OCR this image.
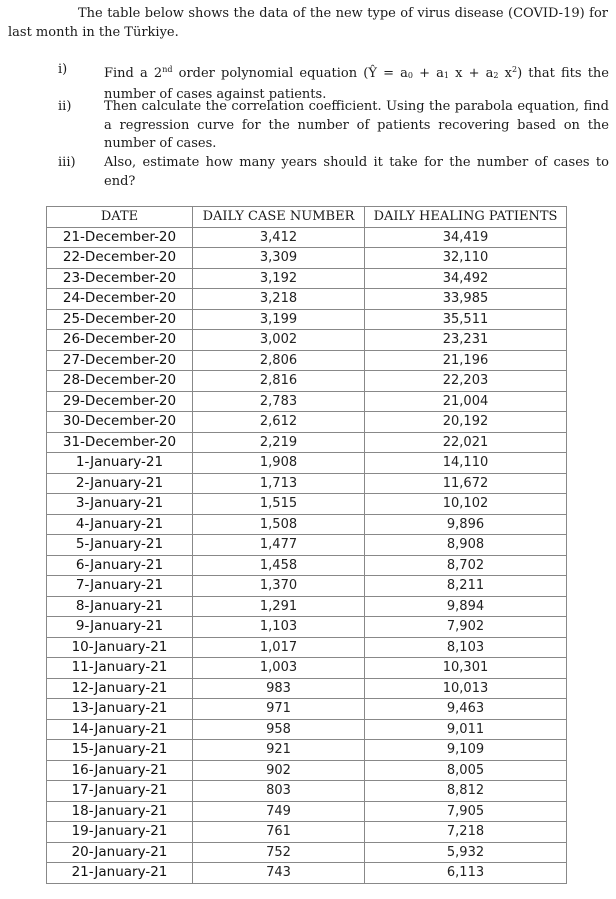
The table below shows the data of the new type of virus disease (COVID-19) for last month in the Türkiye.
i)	Find a 2nd order polynomial equation (Ŷ = a0 + a1 x + a2 $x^2$) that fits the number of cases against patients.
ii)	Then calculate the correlation coefficient. Using the parabola equation, find a regression curve for the number of patients recovering based on the number of cases.
iii)	Also, estimate how many years should it take for the number of cases to end?
DATE	DAILY CASE NUMBER	DAILY HEALING PATIENTS
21-December-20	3,412	34,419
22-December-20	3,309	32,110
23-December-20	3,192	34,492
24-December-20	3,218	33,985
25-December-20	3,199	35,511
26-December-20	3,002	23,231
27-December-20	2,806	21,196
28-December-20	2,816	22,203
29-December-20	2,783	21,004
30-December-20	2,612	20,192
31-December-20	2,219	22,021
1-January-21	1,908	14,110
2-January-21	1,713	11,672
3-January-21	1,515	10,102
4-January-21	1,508	9,896
5-January-21	1,477	8,908
6-January-21	1,458	8,702
7-January-21	1,370	8,211
8-January-21	1,291	9,894
9-January-21	1,103	7,902
10-January-21	1,017	8,103
11-January-21	1,003	10,301
12-January-21	983	10,013
13-January-21	971	9,463
14-January-21	958	9,011
15-January-21	921	9,109
16-January-21	902	8,005
17-January-21	803	8,812
18-January-21	749	7,905
19-January-21	761	7,218
20-January-21	752	5,932
21-January-21	743	6,113
